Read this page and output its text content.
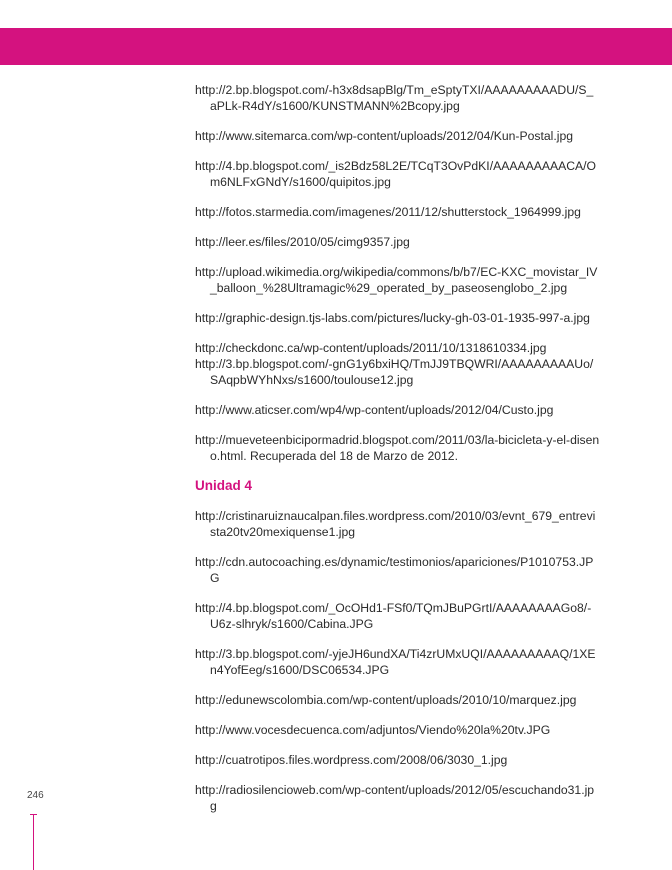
http://2.bp.blogspot.com/-h3x8dsapBlg/Tm_eSptyTXI/AAAAAAAAADU/S_aPLk-R4dY/s1600/KUNSTMANN%2Bcopy.jpg

http://www.sitemarca.com/wp-content/uploads/2012/04/Kun-Postal.jpg

http://4.bp.blogspot.com/_is2Bdz58L2E/TCqT3OvPdKI/AAAAAAAAACA/Om6NLFxGNdY/s1600/quipitos.jpg

http://fotos.starmedia.com/imagenes/2011/12/shutterstock_1964999.jpg

http://leer.es/files/2010/05/cimg9357.jpg

http://upload.wikimedia.org/wikipedia/commons/b/b7/EC-KXC_movistar_IV_balloon_%28Ultramagic%29_operated_by_paseosenglobo_2.jpg

http://graphic-design.tjs-labs.com/pictures/lucky-gh-03-01-1935-997-a.jpg

http://checkdonc.ca/wp-content/uploads/2011/10/1318610334.jpg

http://3.bp.blogspot.com/-gnG1y6bxiHQ/TmJJ9TBQWRI/AAAAAAAAAUo/SAqpbWYhNxs/s1600/toulouse12.jpg

http://www.aticser.com/wp4/wp-content/uploads/2012/04/Custo.jpg

http://mueveteenbicipormadrid.blogspot.com/2011/03/la-bicicleta-y-el-diseno.html. Recuperada del 18 de Marzo de 2012.

Unidad 4

http://cristinaruiznaucalpan.files.wordpress.com/2010/03/evnt_679_entrevista20tv20mexiquense1.jpg

http://cdn.autocoaching.es/dynamic/testimonios/apariciones/P1010753.JPG

http://4.bp.blogspot.com/_OcOHd1-FSf0/TQmJBuPGrtI/AAAAAAAAGo8/-U6z-slhryk/s1600/Cabina.JPG

http://3.bp.blogspot.com/-yjeJH6undXA/Ti4zrUMxUQI/AAAAAAAAAQ/1XEn4YofEeg/s1600/DSC06534.JPG

http://edunewscolombia.com/wp-content/uploads/2010/10/marquez.jpg

http://www.vocesdecuenca.com/adjuntos/Viendo%20la%20tv.JPG

http://cuatrotipos.files.wordpress.com/2008/06/3030_1.jpg

http://radiosilencioweb.com/wp-content/uploads/2012/05/escuchando31.jpg

246
